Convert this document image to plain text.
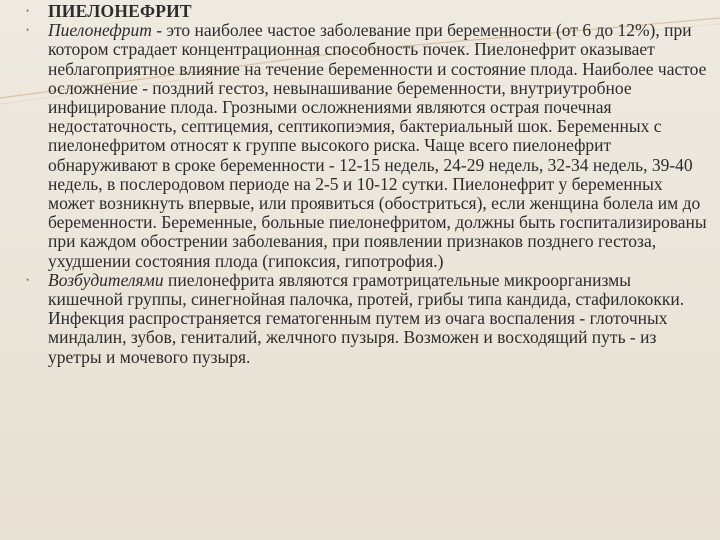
• ПИЕЛОНЕФРИТ
• Пиелонефрит - это наиболее частое заболевание при беременности (от 6 до 12%), при котором страдает концентрационная способность почек. Пиелонефрит оказывает неблагоприятное влияние на течение беременности и состояние плода. Наиболее частое осложнение - поздний гестоз, невынашивание беременности, внутриутробное инфицирование плода. Грозными осложнениями являются острая почечная недостаточность, септицемия, септикопиэмия, бактериальный шок. Беременных с пиелонефритом относят к группе высокого риска. Чаще всего пиелонефрит обнаруживают в сроке беременности - 12-15 недель, 24-29 недель, 32-34 недель, 39-40 недель, в послеродовом периоде на 2-5 и 10-12 сутки. Пиелонефрит у беременных может возникнуть впервые, или проявиться (обостриться), если женщина болела им до беременности. Беременные, больные пиелонефритом, должны быть госпитализированы при каждом обострении заболевания, при появлении признаков позднего гестоза, ухудшении состояния плода (гипоксия, гипотрофия.)
• Возбудителями пиелонефрита являются грамотрицательные микроорганизмы кишечной группы, синегнойная палочка, протей, грибы типа кандида, стафилококки. Инфекция распространяется гематогенным путем из очага воспаления - глоточных миндалин, зубов, гениталий, желчного пузыря. Возможен и восходящий путь - из уретры и мочевого пузыря.
